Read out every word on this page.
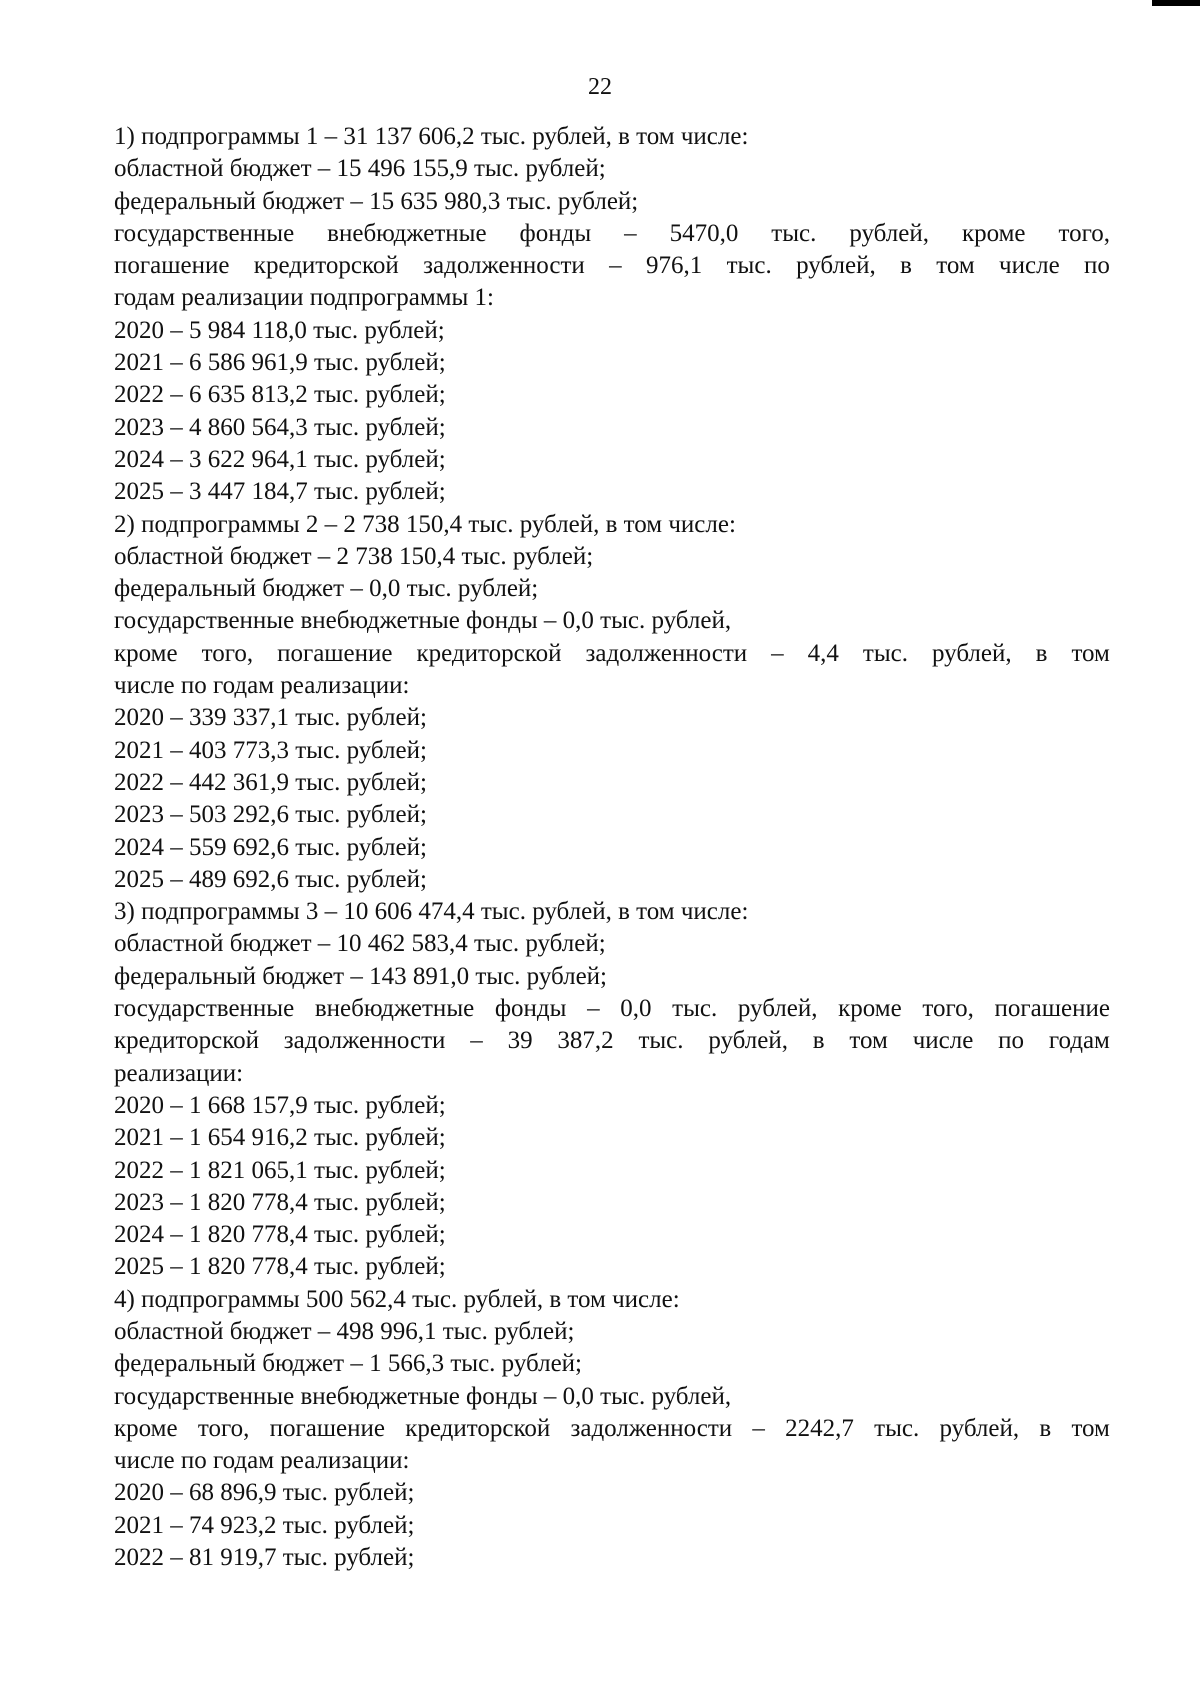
22
1) подпрограммы 1 – 31 137 606,2 тыс. рублей, в том числе:
областной бюджет – 15 496 155,9 тыс. рублей;
федеральный бюджет – 15 635 980,3 тыс. рублей;
государственные внебюджетные фонды – 5470,0 тыс. рублей, кроме того,
погашение кредиторской задолженности – 976,1 тыс. рублей, в том числе по
годам реализации подпрограммы 1:
2020 – 5 984 118,0 тыс. рублей;
2021 – 6 586 961,9 тыс. рублей;
2022 – 6 635 813,2 тыс. рублей;
2023 – 4 860 564,3 тыс. рублей;
2024 – 3 622 964,1 тыс. рублей;
2025 – 3 447 184,7 тыс. рублей;
2) подпрограммы 2 – 2 738 150,4 тыс. рублей, в том числе:
областной бюджет – 2 738 150,4 тыс. рублей;
федеральный бюджет – 0,0 тыс. рублей;
государственные внебюджетные фонды – 0,0 тыс. рублей,
кроме того, погашение кредиторской задолженности – 4,4 тыс. рублей, в том
числе по годам реализации:
2020 – 339 337,1 тыс. рублей;
2021 – 403 773,3 тыс. рублей;
2022 – 442 361,9 тыс. рублей;
2023 – 503 292,6 тыс. рублей;
2024 – 559 692,6 тыс. рублей;
2025 – 489 692,6 тыс. рублей;
3) подпрограммы 3 – 10 606 474,4 тыс. рублей, в том числе:
областной бюджет – 10 462 583,4 тыс. рублей;
федеральный бюджет – 143 891,0 тыс. рублей;
государственные внебюджетные фонды – 0,0 тыс. рублей, кроме того, погашение
кредиторской задолженности – 39 387,2 тыс. рублей, в том числе по годам
реализации:
2020 – 1 668 157,9 тыс. рублей;
2021 – 1 654 916,2 тыс. рублей;
2022 – 1 821 065,1 тыс. рублей;
2023 – 1 820 778,4 тыс. рублей;
2024 – 1 820 778,4 тыс. рублей;
2025 – 1 820 778,4 тыс. рублей;
4) подпрограммы 500 562,4 тыс. рублей, в том числе:
областной бюджет – 498 996,1 тыс. рублей;
федеральный бюджет – 1 566,3 тыс. рублей;
государственные внебюджетные фонды – 0,0 тыс. рублей,
кроме того, погашение кредиторской задолженности – 2242,7 тыс. рублей, в том
числе по годам реализации:
2020 – 68 896,9 тыс. рублей;
2021 – 74 923,2 тыс. рублей;
2022 – 81 919,7 тыс. рублей;
